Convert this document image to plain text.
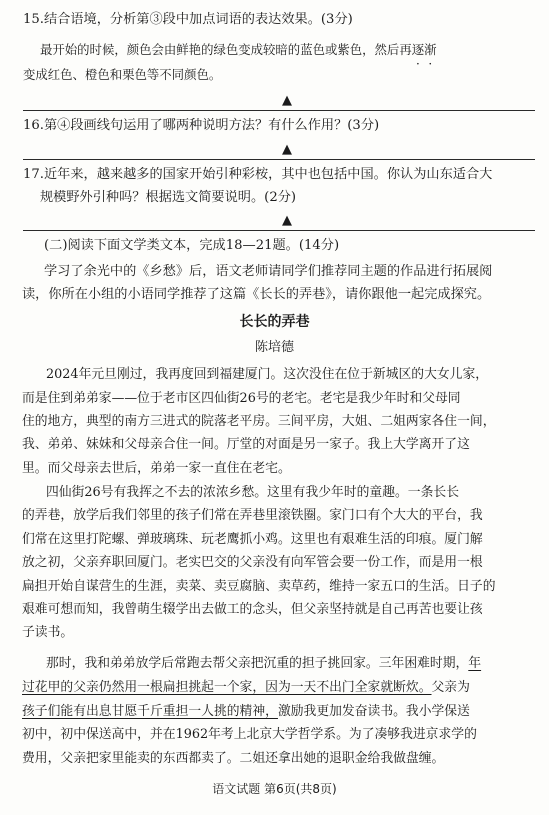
15.结合语境，分析第③段中加点词语的表达效果。(3分)
最开始的时候，颜色会由鲜艳的绿色变成较暗的蓝色或紫色，然后再逐渐
变成红色、橙色和栗色等不同颜色。
▲
16.第④段画线句运用了哪两种说明方法？有什么作用？(3分)
▲
17.近年来，越来越多的国家开始引种彩桉，其中也包括中国。你认为山东适合大
规模野外引种吗？根据选文简要说明。(2分)
▲
(二)阅读下面文学类文本，完成18—21题。(14分)
学习了余光中的《乡愁》后，语文老师请同学们推荐同主题的作品进行拓展阅
读，你所在小组的小语同学推荐了这篇《长长的弄巷》，请你跟他一起完成探究。
长长的弄巷
陈培德
2024年元旦刚过，我再度回到福建厦门。这次没住在位于新城区的大女儿家，
而是住到弟弟家——位于老市区四仙街26号的老宅。老宅是我少年时和父母同
住的地方，典型的南方三进式的院落老平房。三间平房，大姐、二姐两家各住一间，
我、弟弟、妹妹和父母亲合住一间。厅堂的对面是另一家子。我上大学离开了这
里。而父母亲去世后，弟弟一家一直住在老宅。
四仙街26号有我挥之不去的浓浓乡愁。这里有我少年时的童趣。一条长长
的弄巷，放学后我们邻里的孩子们常在弄巷里滚铁圈。家门口有个大大的平台，我
们常在这里打陀螺、弹玻璃珠、玩老鹰抓小鸡。这里也有艰难生活的印痕。厦门解
放之初，父亲弃职回厦门。老实巴交的父亲没有向军管会要一份工作，而是用一根
扁担开始自谋营生的生涯，卖菜、卖豆腐脑、卖草药，维持一家五口的生活。日子的
艰难可想而知，我曾萌生辍学出去做工的念头，但父亲坚持就是自己再苦也要让孩
子读书。
那时，我和弟弟放学后常跑去帮父亲把沉重的担子挑回家。三年困难时期，年
过花甲的父亲仍然用一根扁担挑起一个家，因为一天不出门全家就断炊。父亲为
孩子们能有出息甘愿千斤重担一人挑的精神，激励我更加发奋读书。我小学保送
初中，初中保送高中，并在1962年考上北京大学哲学系。为了凑够我进京求学的
费用，父亲把家里能卖的东西都卖了。二姐还拿出她的退职金给我做盘缠。
语文试题 第6页(共8页)
